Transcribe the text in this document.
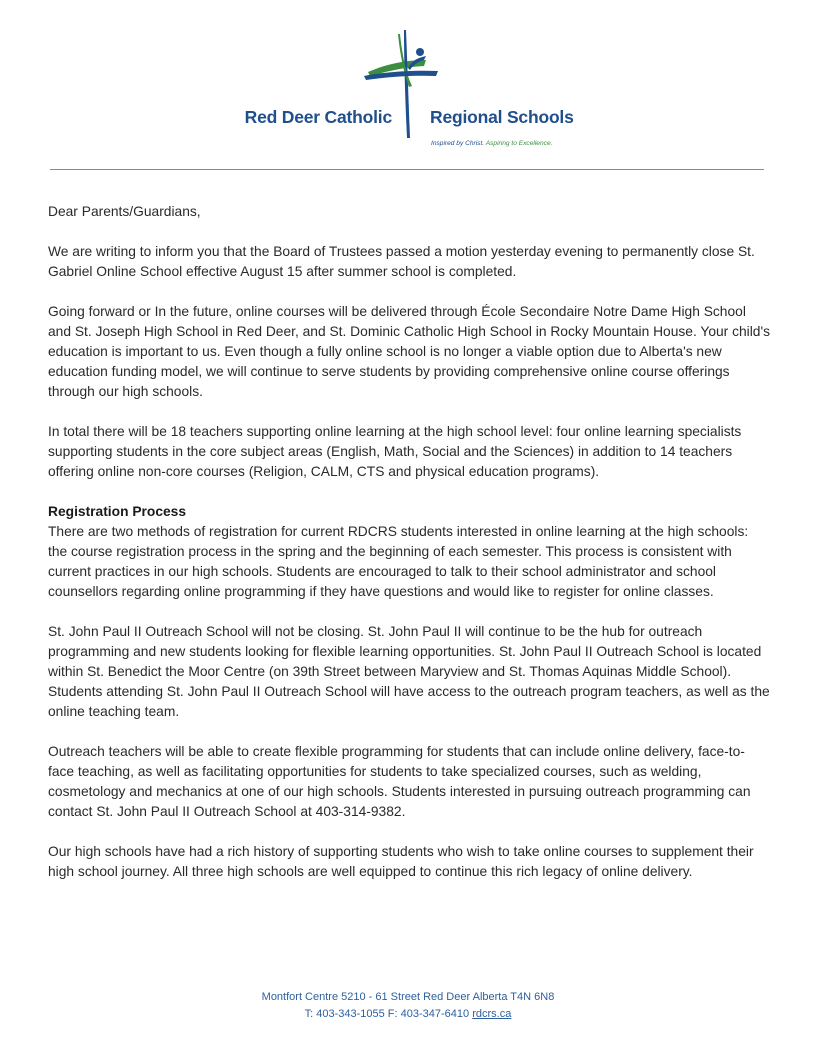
Red Deer Catholic Regional Schools
Inspired by Christ. Aspiring to Excellence.

Dear Parents/Guardians,

We are writing to inform you that the Board of Trustees passed a motion yesterday evening to permanently close St. Gabriel Online School effective August 15 after summer school is completed.

Going forward or In the future, online courses will be delivered through École Secondaire Notre Dame High School and St. Joseph High School in Red Deer, and St. Dominic Catholic High School in Rocky Mountain House. Your child's education is important to us. Even though a fully online school is no longer a viable option due to Alberta's new education funding model, we will continue to serve students by providing comprehensive online course offerings through our high schools.

In total there will be 18 teachers supporting online learning at the high school level: four online learning specialists supporting students in the core subject areas (English, Math, Social and the Sciences) in addition to 14 teachers offering online non-core courses (Religion, CALM, CTS and physical education programs).

Registration Process

There are two methods of registration for current RDCRS students interested in online learning at the high schools: the course registration process in the spring and the beginning of each semester. This process is consistent with current practices in our high schools. Students are encouraged to talk to their school administrator and school counsellors regarding online programming if they have questions and would like to register for online classes.

St. John Paul II Outreach School will not be closing. St. John Paul II will continue to be the hub for outreach programming and new students looking for flexible learning opportunities. St. John Paul II Outreach School is located within St. Benedict the Moor Centre (on 39th Street between Maryview and St. Thomas Aquinas Middle School). Students attending St. John Paul II Outreach School will have access to the outreach program teachers, as well as the online teaching team.

Outreach teachers will be able to create flexible programming for students that can include online delivery, face-to-face teaching, as well as facilitating opportunities for students to take specialized courses, such as welding, cosmetology and mechanics at one of our high schools. Students interested in pursuing outreach programming can contact St. John Paul II Outreach School at 403-314-9382.

Our high schools have had a rich history of supporting students who wish to take online courses to supplement their high school journey. All three high schools are well equipped to continue this rich legacy of online delivery.

Montfort Centre 5210 - 61 Street Red Deer Alberta T4N 6N8
T: 403-343-1055 F: 403-347-6410 rdcrs.ca
